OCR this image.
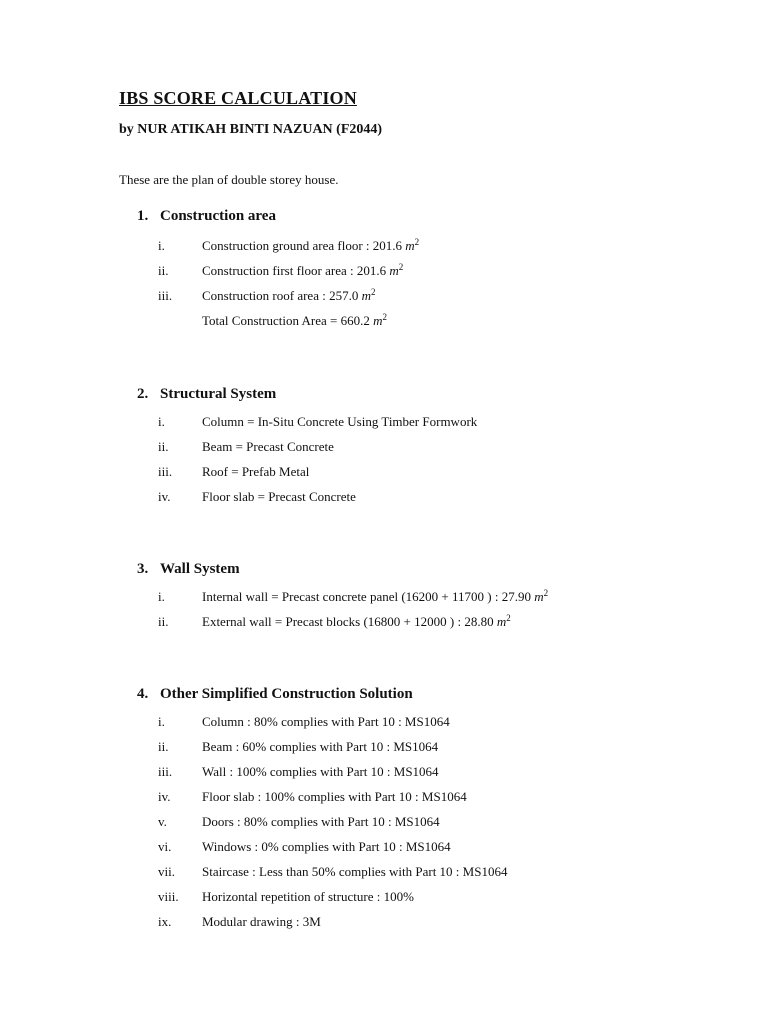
IBS SCORE CALCULATION
by NUR ATIKAH BINTI NAZUAN (F2044)
These are the plan of double storey house.
1. Construction area
i.	Construction ground area floor : 201.6 $m^2$
ii.	Construction first floor area : 201.6 $m^2$
iii. Construction roof area : 257.0 $m^2$
Total Construction Area = 660.2 $m^2$
2. Structural System
i.	Column = In-Situ Concrete Using Timber Formwork
ii.	Beam = Precast Concrete
iii. Roof = Prefab Metal
iv. Floor slab = Precast Concrete
3. Wall System
i.	Internal wall = Precast concrete panel (16200 + 11700 ) : 27.90 $m^2$
ii.	External wall = Precast blocks (16800 + 12000 ) : 28.80 $m^2$
4. Other Simplified Construction Solution
i.	Column : 80% complies with Part 10 : MS1064
ii.	Beam : 60% complies with Part 10 : MS1064
iii. Wall : 100% complies with Part 10 : MS1064
iv. Floor slab : 100% complies with Part 10 : MS1064
v.	Doors : 80% complies with Part 10 : MS1064
vi. Windows : 0% complies with Part 10 : MS1064
vii. Staircase : Less than 50% complies with Part 10 : MS1064
viii. Horizontal repetition of structure : 100%
ix. Modular drawing : 3M
